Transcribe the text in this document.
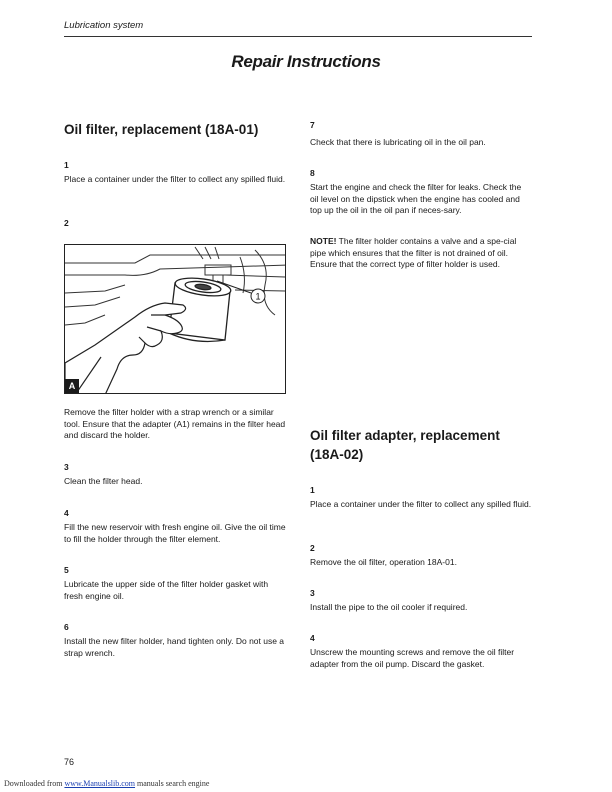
Lubrication system
Repair Instructions
Oil filter, replacement (18A-01)
1
Place a container under the filter to collect any spilled fluid.
2
1
A
Remove the filter holder with a strap wrench or a similar tool. Ensure that the adapter (A1) remains in the filter head and discard the holder.
3
Clean the filter head.
4
Fill the new reservoir with fresh engine oil. Give the oil time to fill the holder through the filter element.
5
Lubricate the upper side of the filter holder gasket with fresh engine oil.
6
Install the new filter holder, hand tighten only. Do not use a strap wrench.
7
Check that there is lubricating oil in the oil pan.
8
Start the engine and check the filter for leaks. Check the oil level on the dipstick when the engine has cooled and top up the oil in the oil pan if neces-sary.
NOTE! The filter holder contains a valve and a spe-cial pipe which ensures that the filter is not drained of oil. Ensure that the correct type of filter holder is used.
Oil filter adapter, replacement (18A-02)
1
Place a container under the filter to collect any spilled fluid.
2
Remove the oil filter, operation 18A-01.
3
Install the pipe to the oil cooler if required.
4
Unscrew the mounting screws and remove the oil filter adapter from the oil pump. Discard the gasket.
76
Downloaded from www.Manualslib.com manuals search engine
